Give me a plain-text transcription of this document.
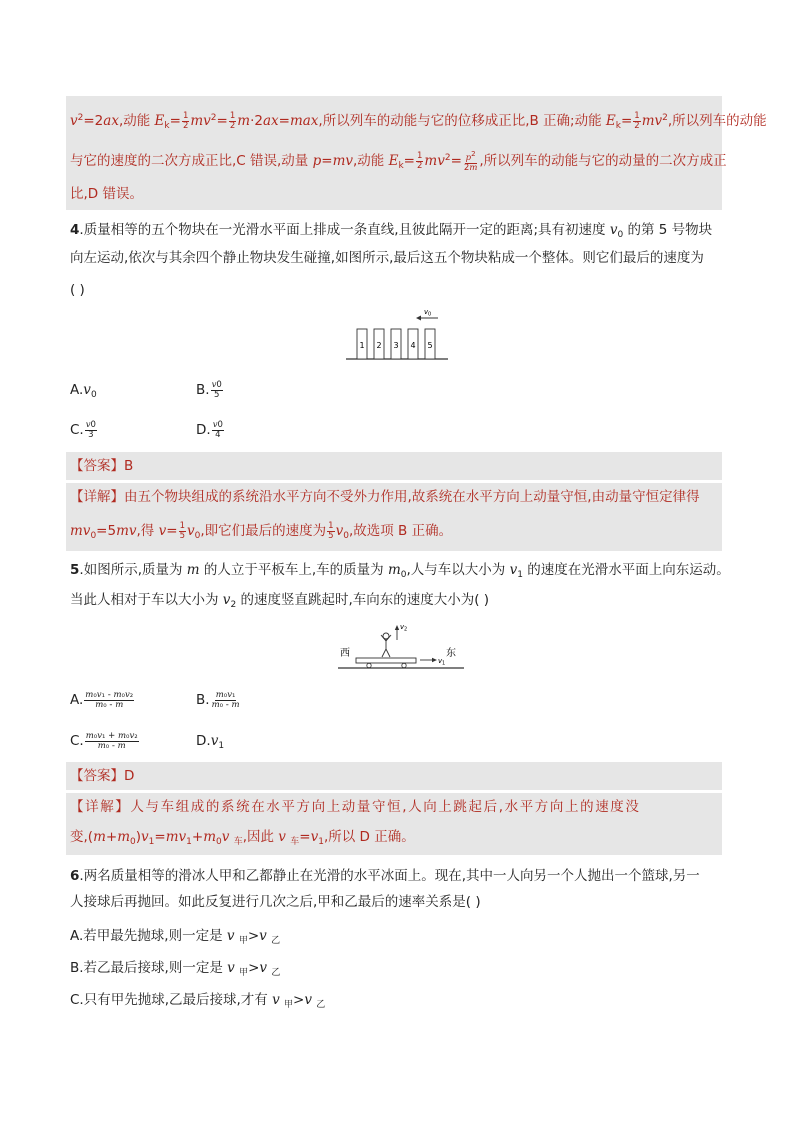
$v^2=2ax$,动能 $E_k= \frac{1}{2} mv^2= \frac{1}{2} m\cdot 2ax=\max$,所以列车的动能与它的位移成正比,B 正确;动能 $E_k= \frac{1}{2} mv^2$,所以列车的动能
与它的速度的二次方成正比,C 错误,动量 p=mv,动能 $E_k= \frac{1}{2} mv^2= \frac{p^2}{2m}$ ,所以列车的动能与它的动量的二次方成正
比,D 错误。
4.质量相等的五个物块在一光滑水平面上排成一条直线,且彼此隔开一定的距离;具有初速度 $v_0$ 的第 5 号物块
向左运动,依次与其余四个静止物块发生碰撞,如图所示,最后这五个物块粘成一个整体。则它们最后的速度为
( )
1 2 3 4 5
v 0
$A.v_0$	B. $\frac{v0}{5}$
C. $\frac{v0}{3}$	D. $\frac{v0}{4}$
【答案】B
【详解】由五个物块组成的系统沿水平方向不受外力作用,故系统在水平方向上动量守恒,由动量守恒定律得
$mv_0=5mv$,得 $v= \frac{1}{5} v_0$,即它们最后的速度为 $\frac{1}{5} v_0$,故选项 B 正确。
5.如图所示,质量为 m 的人立于平板车上,车的质量为 $m_0$,人与车以大小为 $v_1$ 的速度在光滑水平面上向东运动。
当此人相对于车以大小为 $v_2$ 的速度竖直跳起时,车向东的速度大小为( )
西	东
v 2
v 1
A. $\frac{\text{m₀v₁ - m₀v₂}}{\text{m₀ - m}}$	B. $\frac{\text{m₀v₁}}{\text{m₀ - m}}$
C. $\frac{\text{m₀v₁ + m₀v₂}}{\text{m₀ - m}}$	$D.v_1$
【答案】D
【详解】人与车组成的系统在水平方向上动量守恒,人向上跳起后,水平方向上的速度没
变$,(m+m_0)v_1=mv_1+m_0v$ $_车$,因此 v $_车=v_1$,所以 D 正确。
6.两名质量相等的滑冰人甲和乙都静止在光滑的水平冰面上。现在,其中一人向另一个人抛出一个篮球,另一
人接球后再抛回。如此反复进行几次之后,甲和乙最后的速率关系是( )
A.若甲最先抛球,则一定是 v $_甲$>v $_乙$
B.若乙最后接球,则一定是 v $_甲$>v $_乙$
C.只有甲先抛球,乙最后接球,才有 v $_甲$>v $_乙$
